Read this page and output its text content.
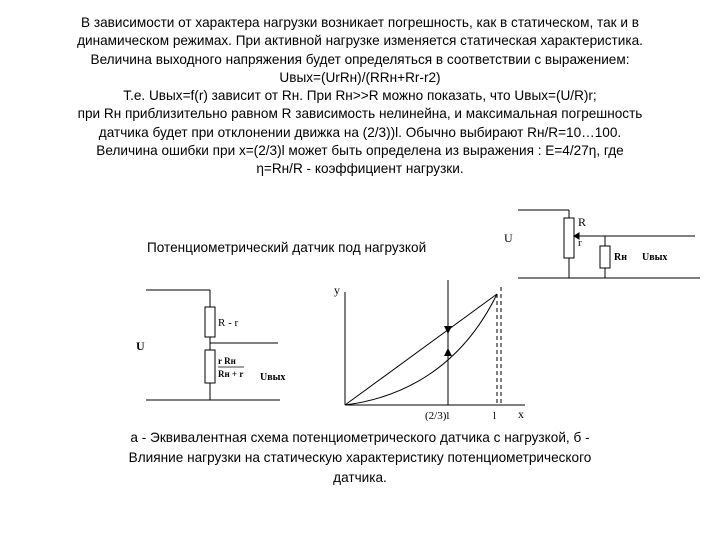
В зависимости от характера нагрузки возникает погрешность, как в статическом, так и в
динамическом режимах. При активной нагрузке изменяется статическая характеристика.
Величина выходного напряжения будет определяться в соответствии с выражением:
Uвых=(UrRн)/(RRн+Rr-r2)
Т.е. Uвых=f(r) зависит от Rн. При Rн>>R можно показать, что Uвых=(U/R)r;
при Rн приблизительно равном R зависимость нелинейна, и максимальная погрешность
датчика будет при отклонении движка на (2/3))l. Обычно выбирают Rн/R=10…100.
Величина ошибки при x=(2/3)l может быть определена из выражения : E=4/27η, где
η=Rн/R - коэффициент нагрузки.
U
R
r
Rн Uвых
Потенциометрический датчик под нагрузкой
U
R - r
r Rн
Rн + r Uвых
y
x
(2/3)l	l
а - Эквивалентная схема потенциометрического датчика с нагрузкой, б -
Влияние нагрузки на статическую характеристику потенциометрического
датчика.
